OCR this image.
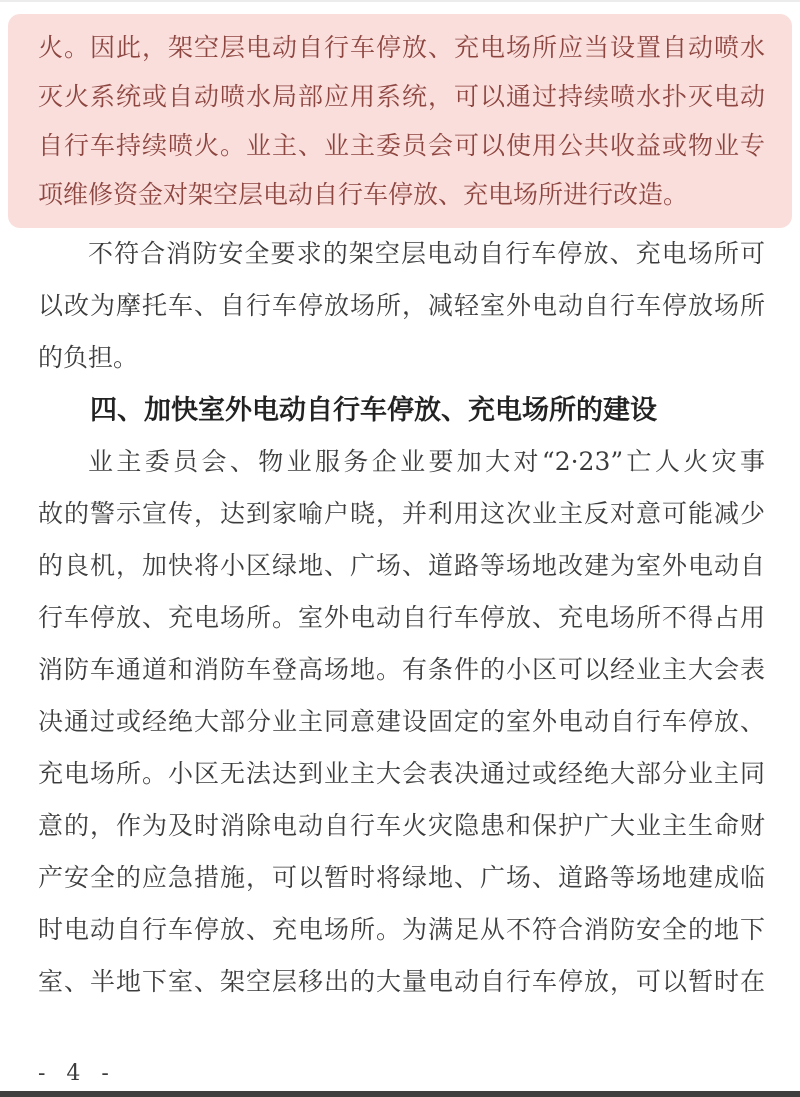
火。因此，架空层电动自行车停放、充电场所应当设置自动喷水
灭火系统或自动喷水局部应用系统，可以通过持续喷水扑灭电动
自行车持续喷火。业主、业主委员会可以使用公共收益或物业专
项维修资金对架空层电动自行车停放、充电场所进行改造。
不符合消防安全要求的架空层电动自行车停放、充电场所可
以改为摩托车、自行车停放场所，减轻室外电动自行车停放场所
的负担。
四、加快室外电动自行车停放、充电场所的建设
业主委员会、物业服务企业要加大对“2·23”亡人火灾事
故的警示宣传，达到家喻户晓，并利用这次业主反对意可能减少
的良机，加快将小区绿地、广场、道路等场地改建为室外电动自
行车停放、充电场所。室外电动自行车停放、充电场所不得占用
消防车通道和消防车登高场地。有条件的小区可以经业主大会表
决通过或经绝大部分业主同意建设固定的室外电动自行车停放、
充电场所。小区无法达到业主大会表决通过或经绝大部分业主同
意的，作为及时消除电动自行车火灾隐患和保护广大业主生命财
产安全的应急措施，可以暂时将绿地、广场、道路等场地建成临
时电动自行车停放、充电场所。为满足从不符合消防安全的地下
室、半地下室、架空层移出的大量电动自行车停放，可以暂时在
- 4 -
